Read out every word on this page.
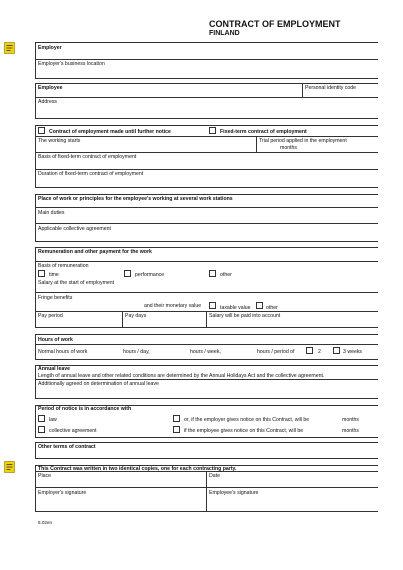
CONTRACT OF EMPLOYMENT
FINLAND
Employer
Employer's business location
Employee	Personal identity code
Address
Contract of employment made until further notice	Fixed-term contract of employment
The working starts	Trial period applied in the employment
months
Basis of fixed-term contract of employment
Duration of fixed-term contract of employment
Place of work or principles for the employee's working at several work stations
Main duties
Applicable collective agreement
Remuneration and other payment for the work
Basis of remuneration
time	performance	other
Salary at the start of employment
Fringe benefits
and their monetary value	taxable value	other
Pay period	Pay days	Salary will be paid into account
Hours of work
Normal hours of work	hours / day,	hours / week,	hours / period of	2	3 weeks
Annual leave
Length of annual leave and other related conditions are determined by the Annual Holidays Act and the collective agreement.
Additionally agreed on determination of annual leave
Period of notice is in accordance with
law	or, if the employer gives notice on this Contract, will be	months
collective agreement	if the employee gives notice on this Contract, will be	months
Other terms of contract
This Contract was written in two identical copies, one for each contracting party.
Place	Date
Employer's signature	Employee's signature
6.02en
